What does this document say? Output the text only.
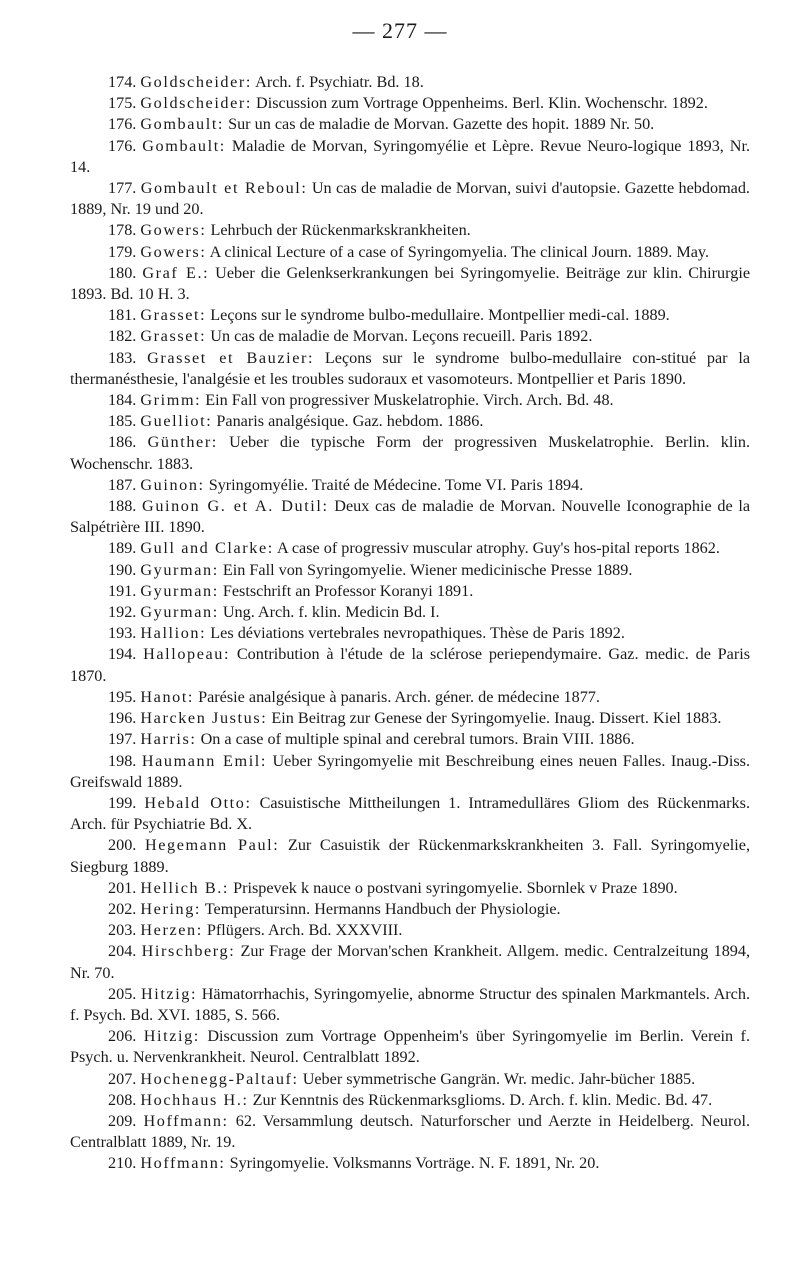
— 277 —

174. Goldscheider: Arch. f. Psychiatr. Bd. 18.

175. Goldscheider: Discussion zum Vortrage Oppenheims. Berl. Klin. Wochenschr. 1892.

176. Gombault: Sur un cas de maladie de Morvan. Gazette des hopit. 1889 Nr. 50.

176. Gombault: Maladie de Morvan, Syringomyélie et Lèpre. Revue Neuro-logique 1893, Nr. 14.

177. Gombault et Reboul: Un cas de maladie de Morvan, suivi d'autopsie. Gazette hebdomad. 1889, Nr. 19 und 20.

178. Gowers: Lehrbuch der Rückenmarkskrankheiten.

179. Gowers: A clinical Lecture of a case of Syringomyelia. The clinical Journ. 1889. May.

180. Graf E.: Ueber die Gelenkserkrankungen bei Syringomyelie. Beiträge zur klin. Chirurgie 1893. Bd. 10 H. 3.

181. Grasset: Leçons sur le syndrome bulbo-medullaire. Montpellier medi-cal. 1889.

182. Grasset: Un cas de maladie de Morvan. Leçons recueill. Paris 1892.

183. Grasset et Bauzier: Leçons sur le syndrome bulbo-medullaire con-stitué par la thermanésthesie, l'analgésie et les troubles sudoraux et vasomoteurs. Montpellier et Paris 1890.

184. Grimm: Ein Fall von progressiver Muskelatrophie. Virch. Arch. Bd. 48.

185. Guelliot: Panaris analgésique. Gaz. hebdom. 1886.

186. Günther: Ueber die typische Form der progressiven Muskelatrophie. Berlin. klin. Wochenschr. 1883.

187. Guinon: Syringomyélie. Traité de Médecine. Tome VI. Paris 1894.

188. Guinon G. et A. Dutil: Deux cas de maladie de Morvan. Nouvelle Iconographie de la Salpétrière III. 1890.

189. Gull and Clarke: A case of progressiv muscular atrophy. Guy's hos-pital reports 1862.

190. Gyurman: Ein Fall von Syringomyelie. Wiener medicinische Presse 1889.

191. Gyurman: Festschrift an Professor Koranyi 1891.

192. Gyurman: Ung. Arch. f. klin. Medicin Bd. I.

193. Hallion: Les déviations vertebrales nevropathiques. Thèse de Paris 1892.

194. Hallopeau: Contribution à l'étude de la sclérose periependymaire. Gaz. medic. de Paris 1870.

195. Hanot: Parésie analgésique à panaris. Arch. géner. de médecine 1877.

196. Harcken Justus: Ein Beitrag zur Genese der Syringomyelie. Inaug. Dissert. Kiel 1883.

197. Harris: On a case of multiple spinal and cerebral tumors. Brain VIII. 1886.

198. Haumann Emil: Ueber Syringomyelie mit Beschreibung eines neuen Falles. Inaug.-Diss. Greifswald 1889.

199. Hebald Otto: Casuistische Mittheilungen 1. Intramedulläres Gliom des Rückenmarks. Arch. für Psychiatrie Bd. X.

200. Hegemann Paul: Zur Casuistik der Rückenmarkskrankheiten 3. Fall. Syringomyelie, Siegburg 1889.

201. Hellich B.: Prispevek k nauce o postvani syringomyelie. Sbornlek v Praze 1890.

202. Hering: Temperatursinn. Hermanns Handbuch der Physiologie.

203. Herzen: Pflügers. Arch. Bd. XXXVIII.

204. Hirschberg: Zur Frage der Morvan'schen Krankheit. Allgem. medic. Centralzeitung 1894, Nr. 70.

205. Hitzig: Hämatorrhachis, Syringomyelie, abnorme Structur des spinalen Markmantels. Arch. f. Psych. Bd. XVI. 1885, S. 566.

206. Hitzig: Discussion zum Vortrage Oppenheim's über Syringomyelie im Berlin. Verein f. Psych. u. Nervenkrankheit. Neurol. Centralblatt 1892.

207. Hochenegg-Paltauf: Ueber symmetrische Gangrän. Wr. medic. Jahr-bücher 1885.

208. Hochhaus H.: Zur Kenntnis des Rückenmarksglioms. D. Arch. f. klin. Medic. Bd. 47.

209. Hoffmann: 62. Versammlung deutsch. Naturforscher und Aerzte in Heidelberg. Neurol. Centralblatt 1889, Nr. 19.

210. Hoffmann: Syringomyelie. Volksmanns Vorträge. N. F. 1891, Nr. 20.
